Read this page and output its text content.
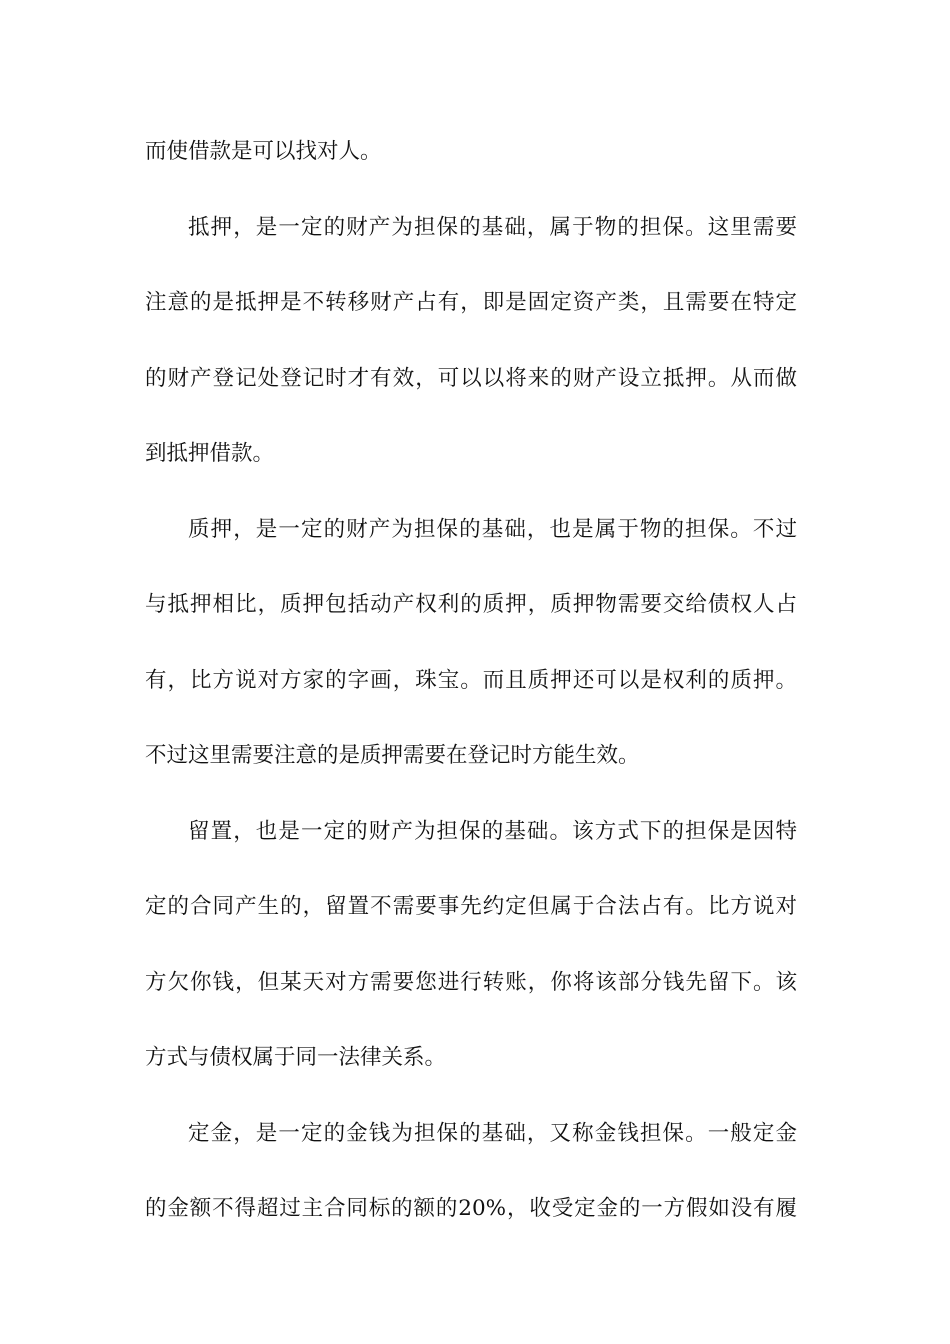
而使借款是可以找对人。
抵押，是一定的财产为担保的基础，属于物的担保。这里需要
注意的是抵押是不转移财产占有，即是固定资产类，且需要在特定
的财产登记处登记时才有效，可以以将来的财产设立抵押。从而做
到抵押借款。
质押，是一定的财产为担保的基础，也是属于物的担保。不过
与抵押相比，质押包括动产权利的质押，质押物需要交给债权人占
有，比方说对方家的字画，珠宝。而且质押还可以是权利的质押。
不过这里需要注意的是质押需要在登记时方能生效。
留置，也是一定的财产为担保的基础。该方式下的担保是因特
定的合同产生的，留置不需要事先约定但属于合法占有。比方说对
方欠你钱，但某天对方需要您进行转账，你将该部分钱先留下。该
方式与债权属于同一法律关系。
定金，是一定的金钱为担保的基础，又称金钱担保。一般定金
的金额不得超过主合同标的额的20%，收受定金的一方假如没有履
